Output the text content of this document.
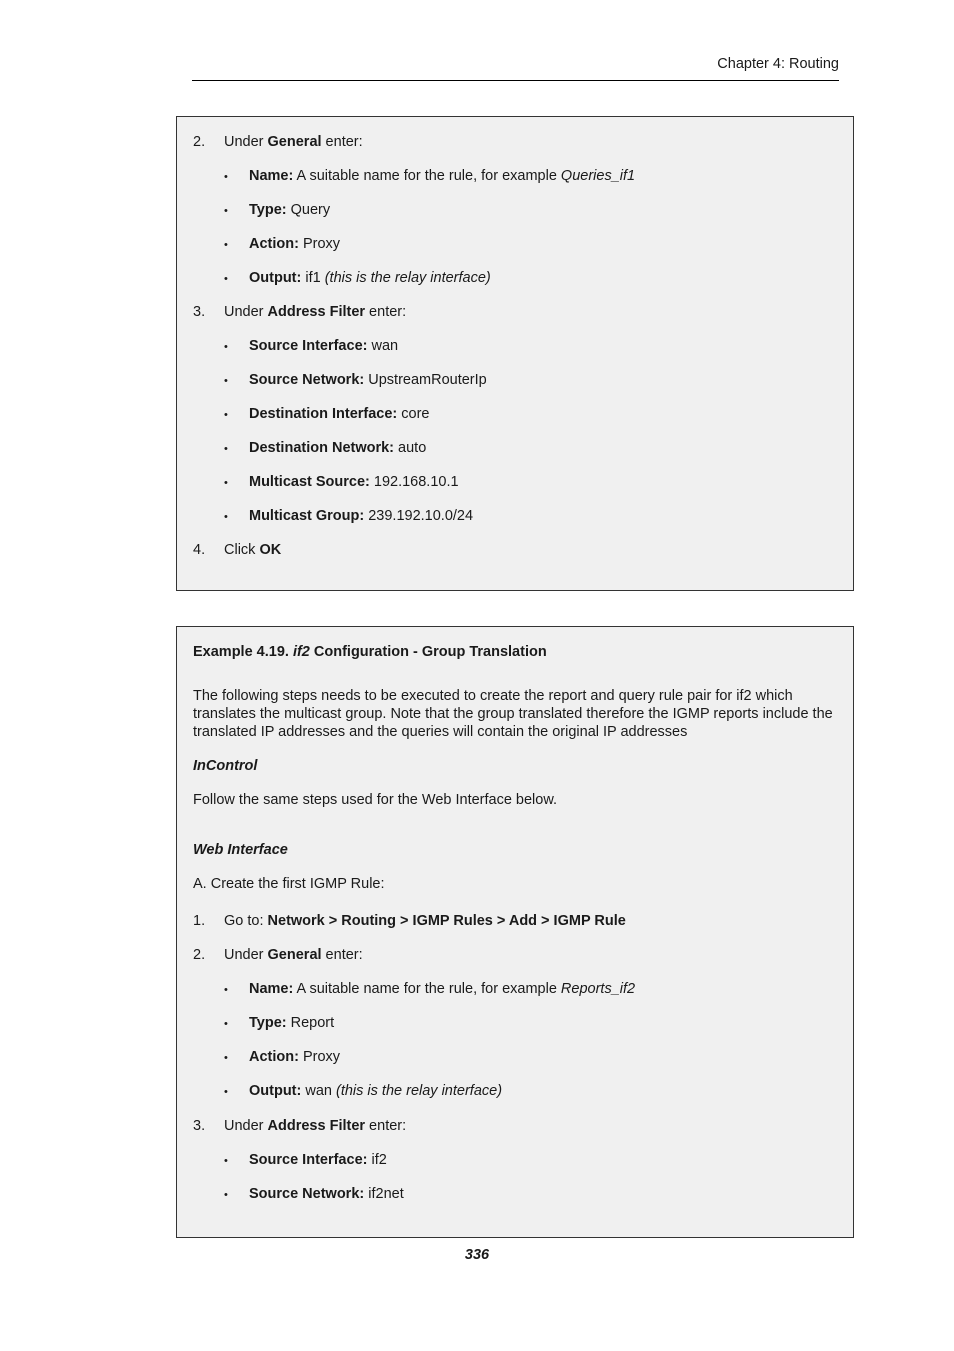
Chapter 4: Routing
2. Under General enter:
• Name: A suitable name for the rule, for example Queries_if1
• Type: Query
• Action: Proxy
• Output: if1 (this is the relay interface)
3. Under Address Filter enter:
• Source Interface: wan
• Source Network: UpstreamRouterIp
• Destination Interface: core
• Destination Network: auto
• Multicast Source: 192.168.10.1
• Multicast Group: 239.192.10.0/24
4. Click OK
Example 4.19. if2 Configuration - Group Translation
The following steps needs to be executed to create the report and query rule pair for if2 which translates the multicast group. Note that the group translated therefore the IGMP reports include the translated IP addresses and the queries will contain the original IP addresses
InControl
Follow the same steps used for the Web Interface below.
Web Interface
A. Create the first IGMP Rule:
1. Go to: Network > Routing > IGMP Rules > Add > IGMP Rule
2. Under General enter:
• Name: A suitable name for the rule, for example Reports_if2
• Type: Report
• Action: Proxy
• Output: wan (this is the relay interface)
3. Under Address Filter enter:
• Source Interface: if2
• Source Network: if2net
336
